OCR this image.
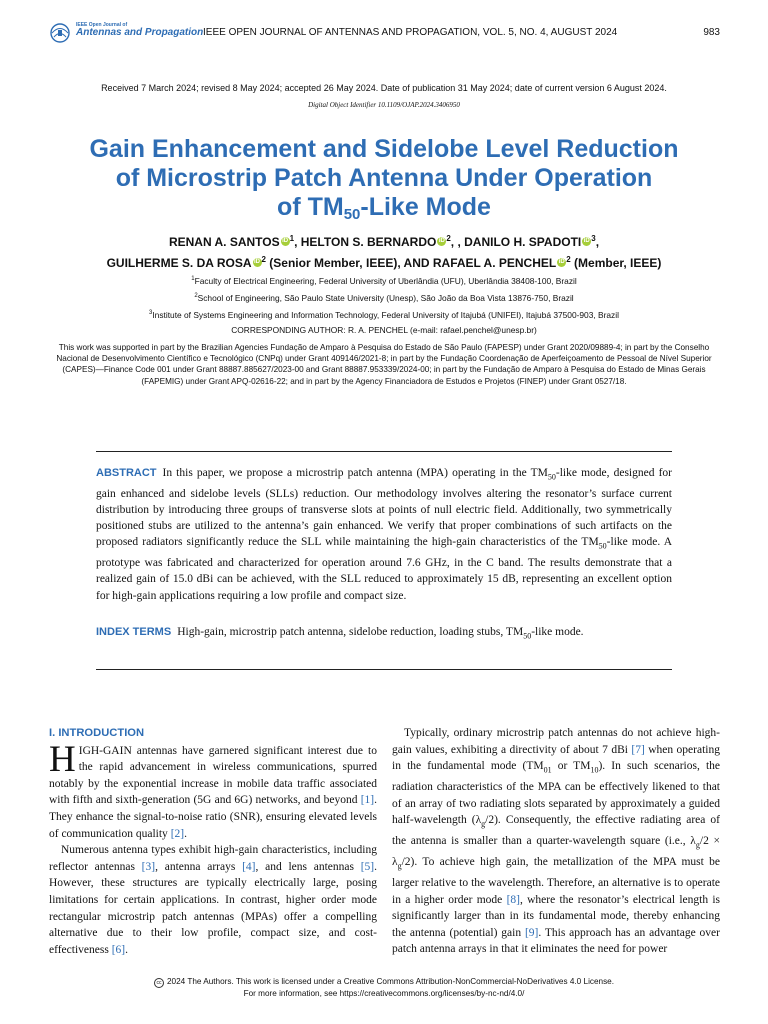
IEEE Open Journal of
Antennas and Propagation IEEE OPEN JOURNAL OF ANTENNAS AND PROPAGATION, VOL. 5, NO. 4, AUGUST 2024	983
Received 7 March 2024; revised 8 May 2024; accepted 26 May 2024. Date of publication 31 May 2024; date of current version 6 August 2024.
Digital Object Identifier 10.1109/OJAP.2024.3406950
Gain Enhancement and Sidelobe Level Reduction
of Microstrip Patch Antenna Under Operation
of $TM_{50}$-Like Mode
RENAN A. SANTOS iD $^1$, HELTON S. BERNARDO iD $^2$, , DANILO H. SPADOTI iD $^3$,
GUILHERME S. DA ROSA iD $^2$ (Senior Member, IEEE), AND RAFAEL A. PENCHEL iD $^2$ (Member, IEEE)
$^1$Faculty of Electrical Engineering, Federal University of Uberlândia (UFU), Uberlândia 38408-100, Brazil
$^2$School of Engineering, São Paulo State University (Unesp), São João da Boa Vista 13876-750, Brazil
$^3$Institute of Systems Engineering and Information Technology, Federal University of Itajubá (UNIFEI), Itajubá 37500-903, Brazil
CORRESPONDING AUTHOR: R. A. PENCHEL (e-mail: rafael.penchel@unesp.br)
This work was supported in part by the Brazilian Agencies Fundação de Amparo à Pesquisa do Estado de São Paulo (FAPESP) under Grant 2020/09889-4; in part by the Conselho Nacional de Desenvolvimento Científico e Tecnológico (CNPq) under Grant 409146/2021-8; in part by the Fundação Coordenação de Aperfeiçoamento de Pessoal de Nível Superior (CAPES)—Finance Code 001 under Grant 88887.885627/2023-00 and Grant 88887.953339/2024-00; in part by the Fundação de Amparo à Pesquisa do Estado de Minas Gerais (FAPEMIG) under Grant APQ-02616-22; and in part by the Agency Financiadora de Estudos e Projetos (FINEP) under Grant 0527/18.
ABSTRACT In this paper, we propose a microstrip patch antenna (MPA) operating in the $TM_{50}$-like mode, designed for gain enhanced and sidelobe levels (SLLs) reduction. Our methodology involves altering the resonator’s surface current distribution by introducing three groups of transverse slots at points of null electric field. Additionally, two symmetrically positioned stubs are utilized to the antenna’s gain enhanced. We verify that proper combinations of such artifacts on the proposed radiators significantly reduce the SLL while maintaining the high-gain characteristics of the $TM_{50}$-like mode. A prototype was fabricated and characterized for operation around 7.6 GHz, in the C band. The results demonstrate that a realized gain of 15.0 dBi can be achieved, with the SLL reduced to approximately 15 dB, representing an excellent option for high-gain applications requiring a low profile and compact size.
INDEX TERMS High-gain, microstrip patch antenna, sidelobe reduction, loading stubs, $TM_{50}$-like mode.
I. INTRODUCTION

HIGH-GAIN antennas have garnered significant interest due to the rapid advancement in wireless communications, spurred notably by the exponential increase in mobile data traffic associated with fifth and sixth-generation (5G and 6G) networks, and beyond [1]. They enhance the signal-to-noise ratio (SNR), ensuring elevated levels of communication quality [2].

Numerous antenna types exhibit high-gain characteristics, including reflector antennas [3], antenna arrays [4], and lens antennas [5]. However, these structures are typically electrically large, posing limitations for certain applications. In contrast, higher order mode rectangular microstrip patch antennas (MPAs) offer a compelling alternative due to their low profile, compact size, and cost-effectiveness [6].

Typically, ordinary microstrip patch antennas do not achieve high-gain values, exhibiting a directivity of about 7 dBi [7] when operating in the fundamental mode ($TM_{01}$ or $TM_{10}$). In such scenarios, the radiation characteristics of the MPA can be effectively likened to that of an array of two radiating slots separated by approximately a guided half-wavelength $(\lambda_g/2)$. Consequently, the effective radiating area of the antenna is smaller than a quarter-wavelength square (i.e., $\lambda_g/2 \times \lambda_g/2$). To achieve high gain, the metallization of the MPA must be larger relative to the wavelength. Therefore, an alternative is to operate in a higher order mode [8], where the resonator’s electrical length is significantly larger than in its fundamental mode, thereby enhancing the antenna (potential) gain [9]. This approach has an advantage over patch antenna arrays in that it eliminates the need for power

cc 2024 The Authors. This work is licensed under a Creative Commons Attribution-NonCommercial-NoDerivatives 4.0 License.
For more information, see https://creativecommons.org/licenses/by-nc-nd/4.0/
